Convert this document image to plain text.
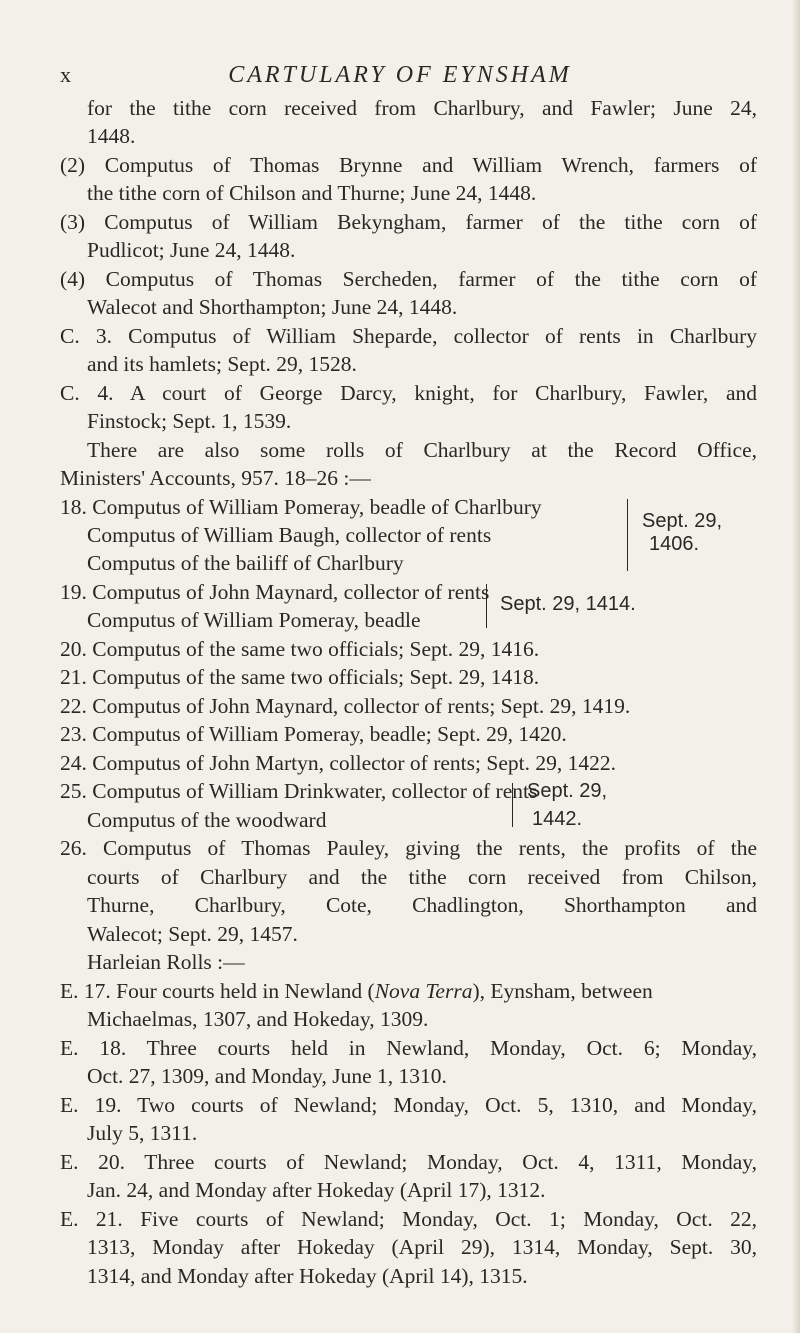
x	CARTULARY OF EYNSHAM
for the tithe corn received from Charlbury, and Fawler; June 24,
1448.
(2) Computus of Thomas Brynne and William Wrench, farmers of
the tithe corn of Chilson and Thurne; June 24, 1448.
(3) Computus of William Bekyngham, farmer of the tithe corn of
Pudlicot; June 24, 1448.
(4) Computus of Thomas Sercheden, farmer of the tithe corn of
Walecot and Shorthampton; June 24, 1448.
C. 3. Computus of William Sheparde, collector of rents in Charlbury
and its hamlets; Sept. 29, 1528.
C. 4. A court of George Darcy, knight, for Charlbury, Fawler, and
Finstock; Sept. 1, 1539.
There are also some rolls of Charlbury at the Record Office,
Ministers' Accounts, 957. 18–26 :—
18. Computus of William Pomeray, beadle of Charlbury
Computus of William Baugh, collector of rents
Computus of the bailiff of Charlbury
Sept. 29,
1406.
19. Computus of John Maynard, collector of rents
Computus of William Pomeray, beadle
Sept. 29, 1414.
20. Computus of the same two officials; Sept. 29, 1416.
21. Computus of the same two officials; Sept. 29, 1418.
22. Computus of John Maynard, collector of rents; Sept. 29, 1419.
23. Computus of William Pomeray, beadle; Sept. 29, 1420.
24. Computus of John Martyn, collector of rents; Sept. 29, 1422.
25. Computus of William Drinkwater, collector of rents
Computus of the woodward
Sept. 29,
1442.
26. Computus of Thomas Pauley, giving the rents, the profits of the
courts of Charlbury and the tithe corn received from Chilson,
Thurne, Charlbury, Cote, Chadlington, Shorthampton and
Walecot; Sept. 29, 1457.
Harleian Rolls :—
E. 17. Four courts held in Newland (Nova Terra), Eynsham, between
Michaelmas, 1307, and Hokeday, 1309.
E. 18. Three courts held in Newland, Monday, Oct. 6; Monday,
Oct. 27, 1309, and Monday, June 1, 1310.
E. 19. Two courts of Newland; Monday, Oct. 5, 1310, and Monday,
July 5, 1311.
E. 20. Three courts of Newland; Monday, Oct. 4, 1311, Monday,
Jan. 24, and Monday after Hokeday (April 17), 1312.
E. 21. Five courts of Newland; Monday, Oct. 1; Monday, Oct. 22,
1313, Monday after Hokeday (April 29), 1314, Monday, Sept. 30,
1314, and Monday after Hokeday (April 14), 1315.
